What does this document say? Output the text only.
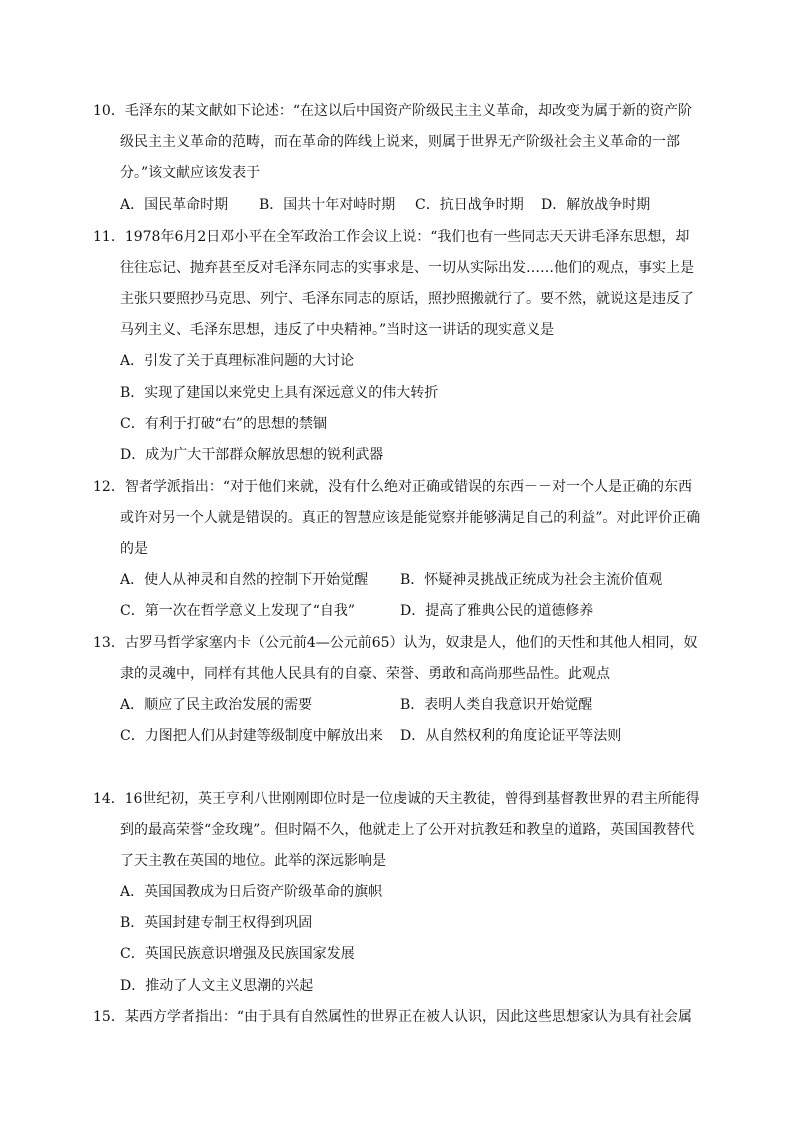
10．毛泽东的某文献如下论述：“在这以后中国资产阶级民主主义革命，却改变为属于新的资产阶
级民主主义革命的范畴，而在革命的阵线上说来，则属于世界无产阶级社会主义革命的一部
分。”该文献应该发表于
A．国民革命时期 B．国共十年对峙时期 C．抗日战争时期 D．解放战争时期
11．1978年6月2日邓小平在全军政治工作会议上说：“我们也有一些同志天天讲毛泽东思想，却
往往忘记、抛弃甚至反对毛泽东同志的实事求是、一切从实际出发……他们的观点，事实上是
主张只要照抄马克思、列宁、毛泽东同志的原话，照抄照搬就行了。要不然，就说这是违反了
马列主义、毛泽东思想，违反了中央精神。”当时这一讲话的现实意义是
A．引发了关于真理标准问题的大讨论
B．实现了建国以来党史上具有深远意义的伟大转折
C．有利于打破“右”的思想的禁锢
D．成为广大干部群众解放思想的锐利武器
12．智者学派指出：“对于他们来就，没有什么绝对正确或错误的东西－－对一个人是正确的东西
或许对另一个人就是错误的。真正的智慧应该是能觉察并能够满足自己的利益”。对此评价正确
的是
A．使人从神灵和自然的控制下开始觉醒 B．怀疑神灵挑战正统成为社会主流价值观
C．第一次在哲学意义上发现了“自我”	D．提高了雅典公民的道德修养
13．古罗马哲学家塞内卡（公元前4—公元前65）认为，奴隶是人，他们的天性和其他人相同，奴
隶的灵魂中，同样有其他人民具有的自豪、荣誉、勇敢和高尚那些品性。此观点
A．顺应了民主政治发展的需要	B．表明人类自我意识开始觉醒
C．力图把人们从封建等级制度中解放出来 D．从自然权利的角度论证平等法则
14．16世纪初，英王亨利八世刚刚即位时是一位虔诚的天主教徒，曾得到基督教世界的君主所能得
到的最高荣誉“金玫瑰”。但时隔不久，他就走上了公开对抗教廷和教皇的道路，英国国教替代
了天主教在英国的地位。此举的深远影响是
A．英国国教成为日后资产阶级革命的旗帜
B．英国封建专制王权得到巩固
C．英国民族意识增强及民族国家发展
D．推动了人文主义思潮的兴起
15．某西方学者指出：“由于具有自然属性的世界正在被人认识，因此这些思想家认为具有社会属
